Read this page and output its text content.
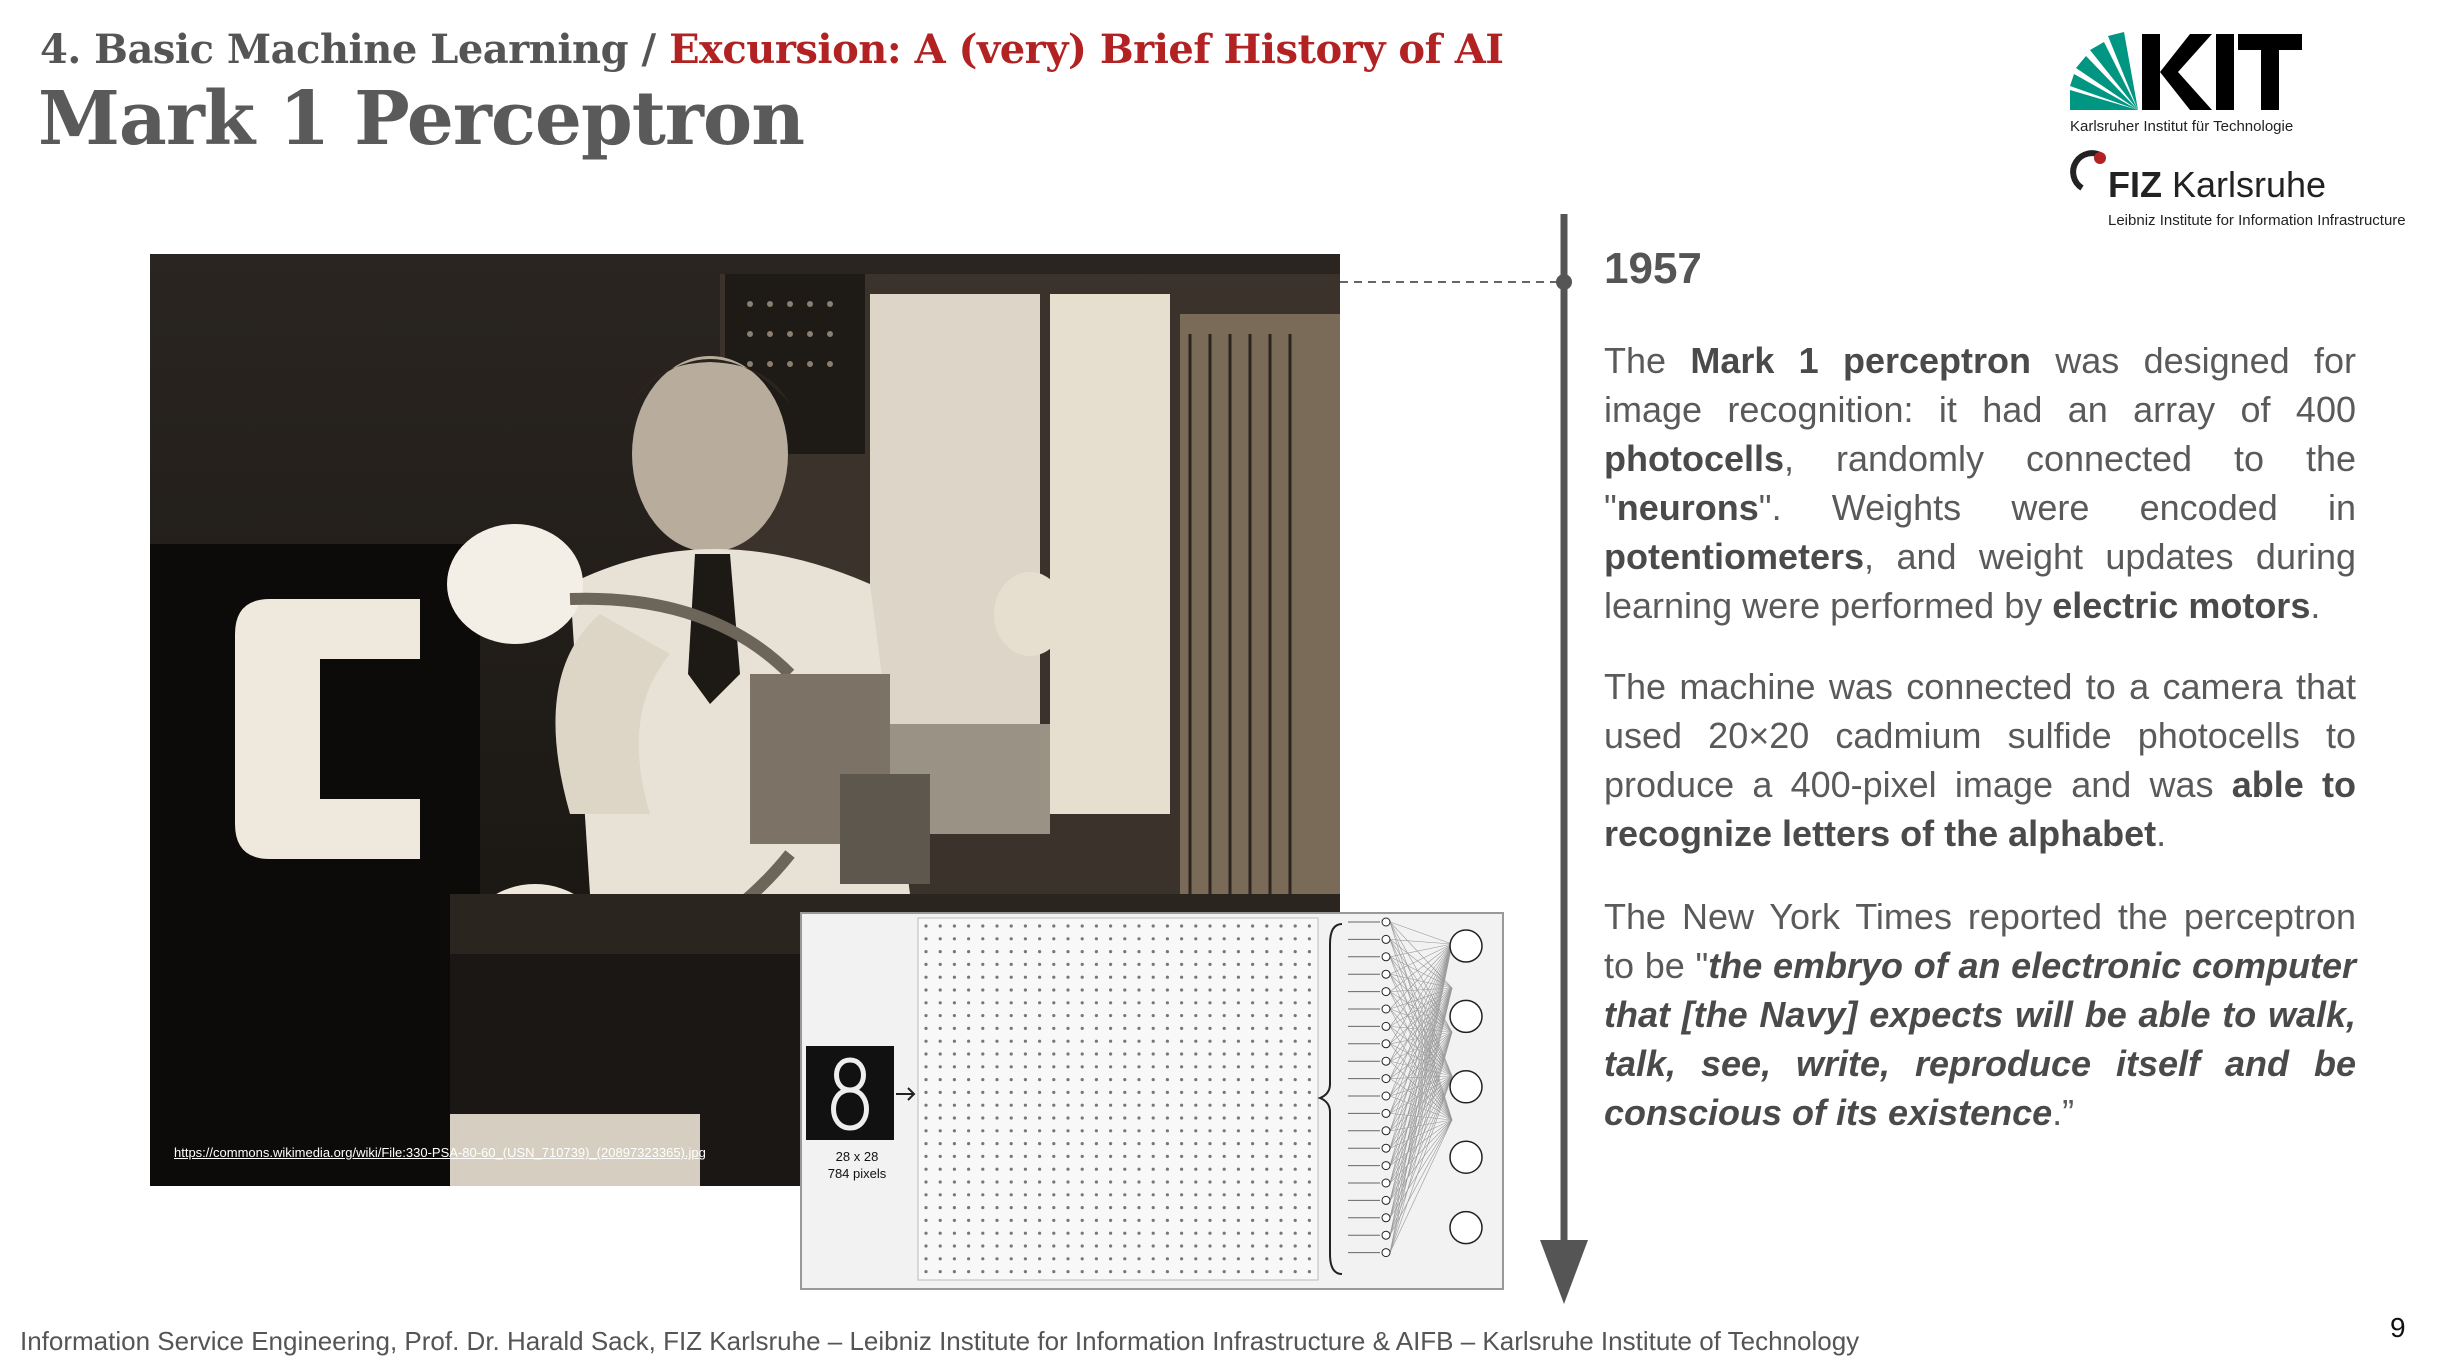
4. Basic Machine Learning / Excursion: A (very) Brief History of AI
Mark 1 Perceptron	Karlsruher Institut für Technologie
FIZ Karlsruhe
Leibniz Institute for Information Infrastructure
https://commons.wikimedia.org/wiki/File:330-PSA-80-60_(USN_710739)_(20897323365).jpg	28 x 28
784 pixels
1957
The Mark 1 perceptron was designed for image recognition: it had an array of 400 photocells, randomly connected to the "neurons". Weights were encoded in potentiometers, and weight updates during learning were performed by electric motors.
The machine was connected to a camera that used 20×20 cadmium sulfide photocells to produce a 400-pixel image and was able to recognize letters of the alphabet.
The New York Times reported the perceptron to be "the embryo of an electronic computer that [the Navy] expects will be able to walk, talk, see, write, reproduce itself and be conscious of its existence.”
Information Service Engineering, Prof. Dr. Harald Sack, FIZ Karlsruhe – Leibniz Institute for Information Infrastructure & AIFB – Karlsruhe Institute of Technology	9
